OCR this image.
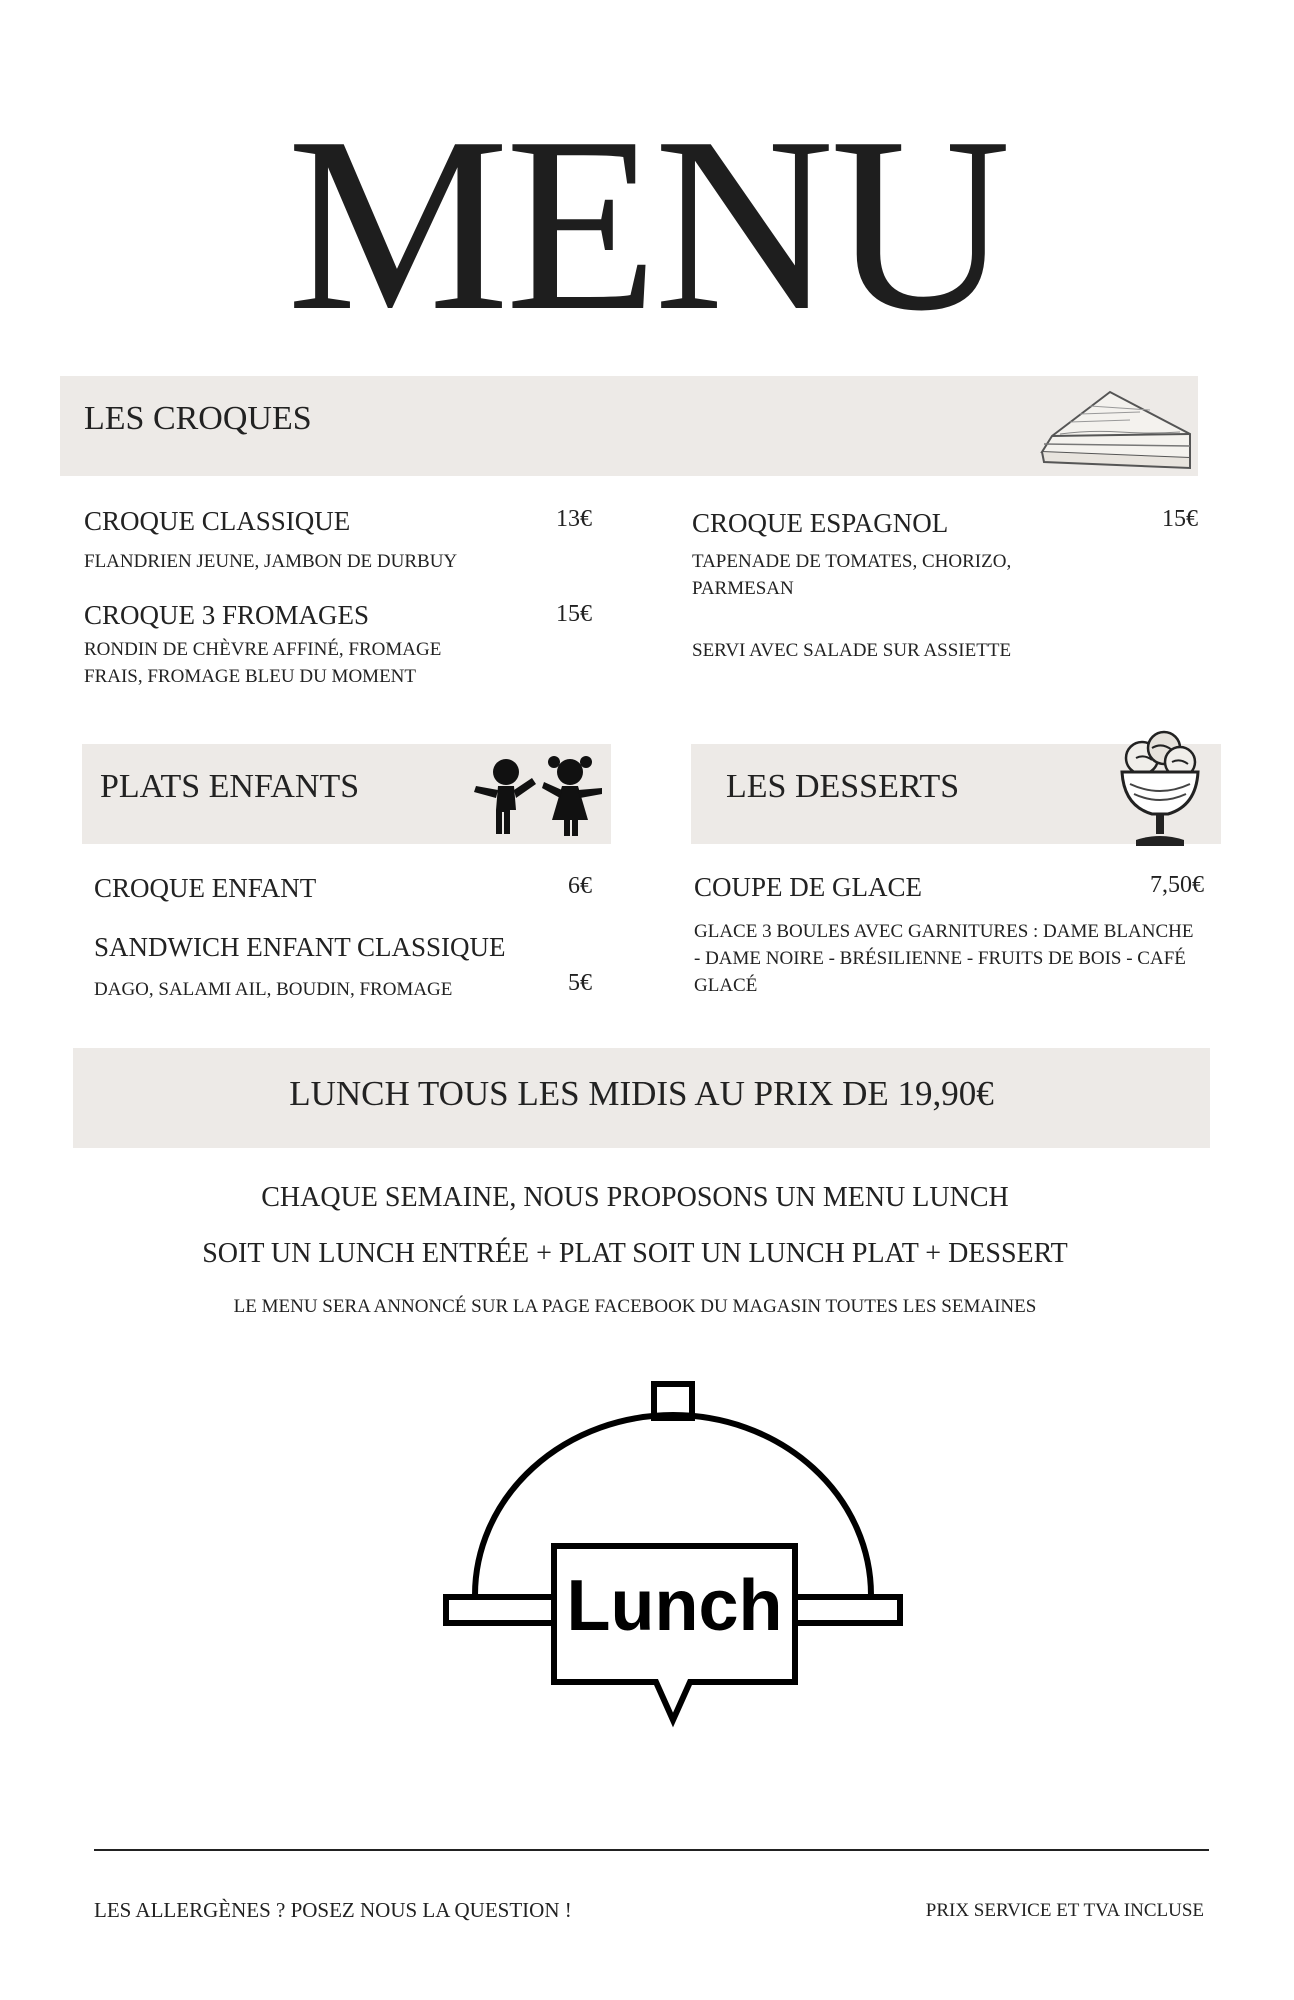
MENU
LES CROQUES
CROQUE CLASSIQUE	13€
FLANDRIEN JEUNE, JAMBON DE DURBUY
CROQUE 3 FROMAGES	15€
RONDIN DE CHÈVRE AFFINÉ, FROMAGE FRAIS, FROMAGE BLEU DU MOMENT
CROQUE ESPAGNOL	15€
TAPENADE DE TOMATES, CHORIZO, PARMESAN
SERVI AVEC SALADE SUR ASSIETTE
PLATS ENFANTS	LES DESSERTS
CROQUE ENFANT	6€
SANDWICH ENFANT CLASSIQUE
DAGO, SALAMI AIL, BOUDIN, FROMAGE	5€
COUPE DE GLACE	7,50€
GLACE 3 BOULES AVEC GARNITURES : DAME BLANCHE - DAME NOIRE - BRÉSILIENNE - FRUITS DE BOIS - CAFÉ GLACÉ
LUNCH TOUS LES MIDIS AU PRIX DE 19,90€
CHAQUE SEMAINE, NOUS PROPOSONS UN MENU LUNCH
SOIT UN LUNCH ENTRÉE + PLAT SOIT UN LUNCH PLAT + DESSERT
LE MENU SERA ANNONCÉ SUR LA PAGE FACEBOOK DU MAGASIN TOUTES LES SEMAINES
Lunch
LES ALLERGÈNES ? POSEZ NOUS LA QUESTION !	PRIX SERVICE ET TVA INCLUSE
